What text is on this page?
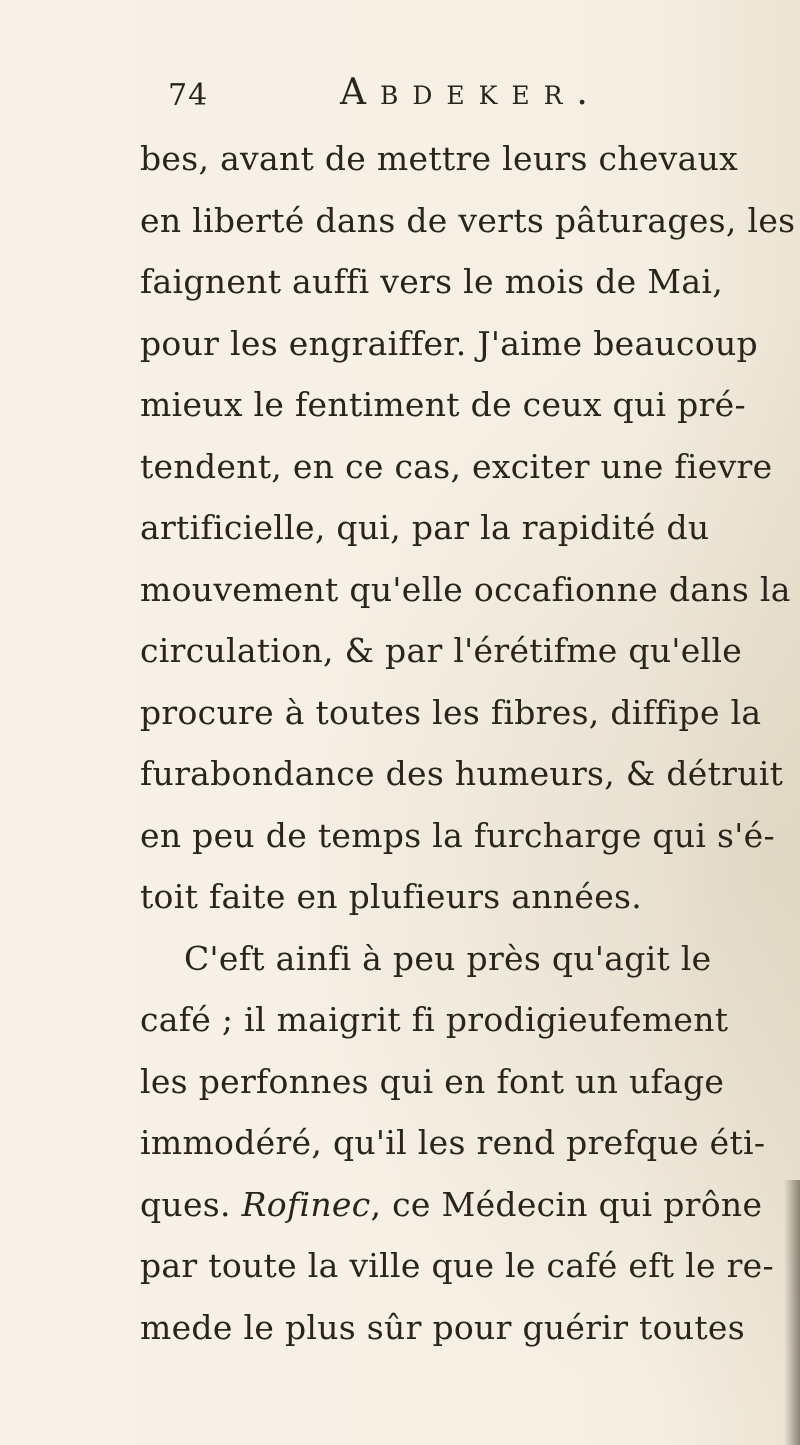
74	Abdeker.
bes, avant de mettre leurs chevaux
en liberté dans de verts pâturages, les
faignent auffi vers le mois de Mai,
pour les engraiffer. J'aime beaucoup
mieux le fentiment de ceux qui pré-
tendent, en ce cas, exciter une fievre
artificielle, qui, par la rapidité du
mouvement qu'elle occafionne dans la
circulation, & par l'érétifme qu'elle
procure à toutes les fibres, diffipe la
furabondance des humeurs, & détruit
en peu de temps la furcharge qui s'é-
toit faite en plufieurs années.
C'eft ainfi à peu près qu'agit le
café ; il maigrit fi prodigieufement
les perfonnes qui en font un ufage
immodéré, qu'il les rend prefque éti-
ques. Rofinec, ce Médecin qui prône
par toute la ville que le café eft le re-
mede le plus sûr pour guérir toutes
